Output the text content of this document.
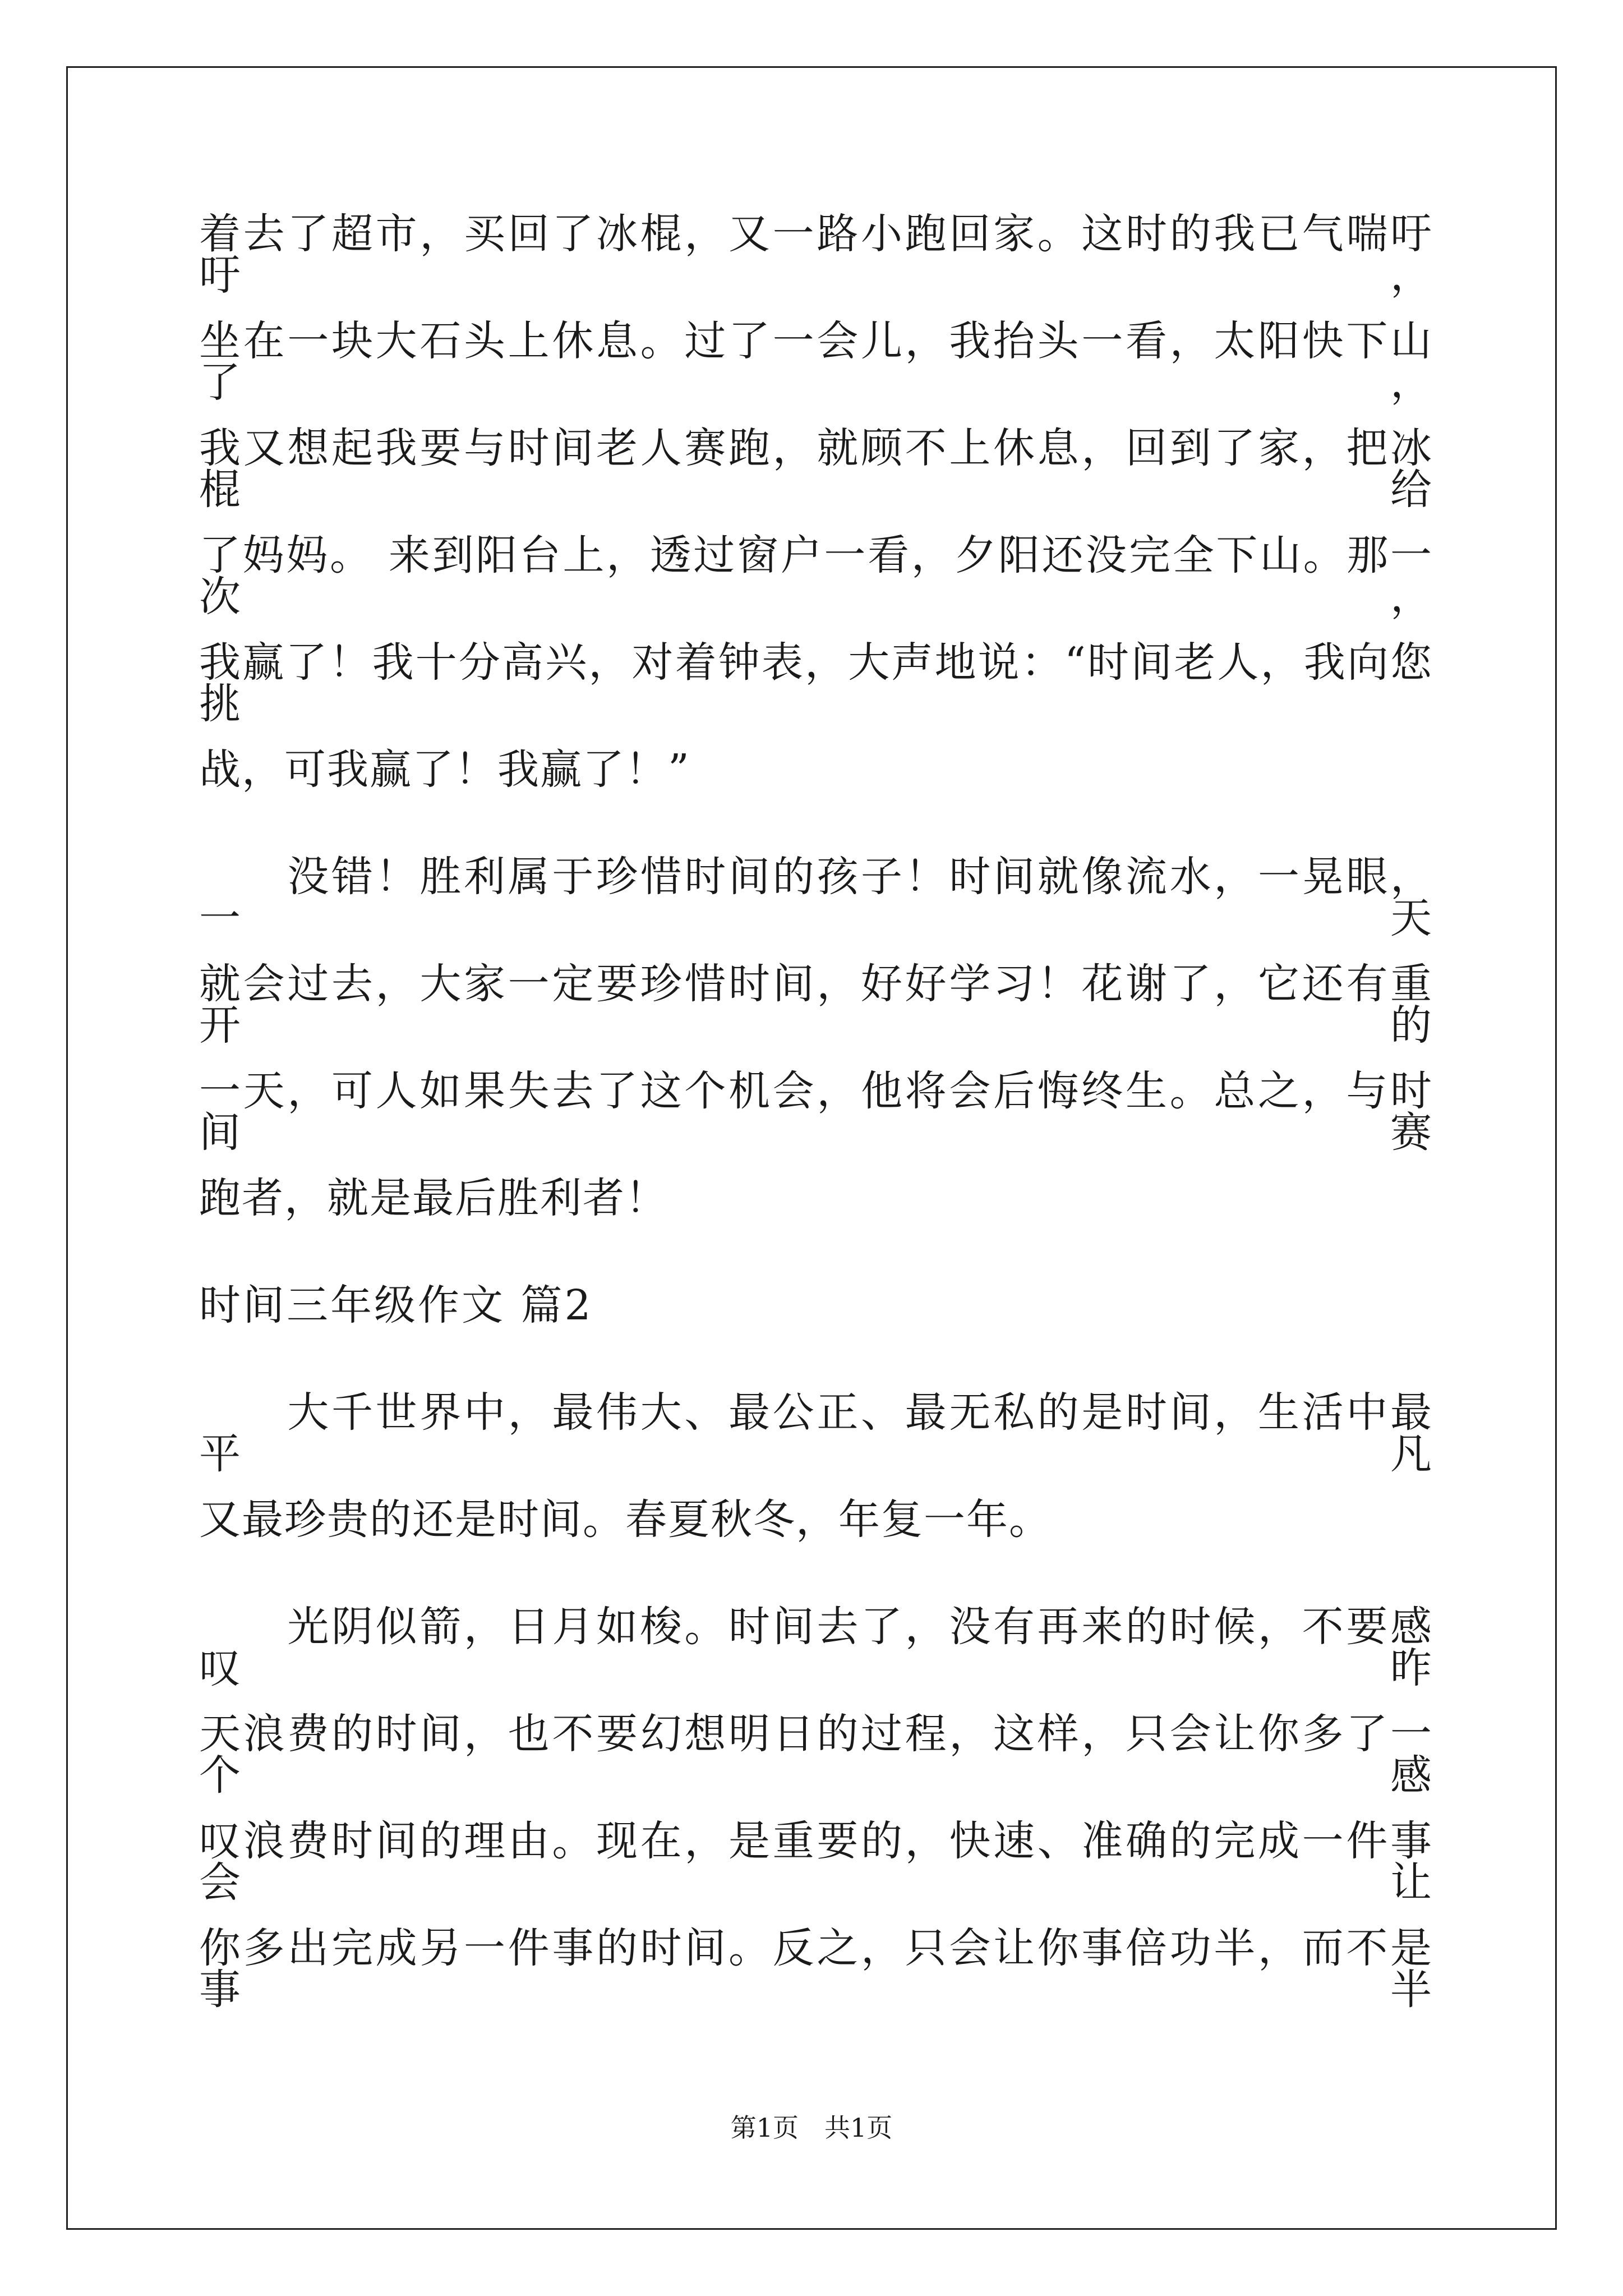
着去了超市，买回了冰棍，又一路小跑回家。这时的我已气喘吁吁，
坐在一块大石头上休息。过了一会儿，我抬头一看，太阳快下山了，
我又想起我要与时间老人赛跑，就顾不上休息，回到了家，把冰棍给
了妈妈。 来到阳台上，透过窗户一看，夕阳还没完全下山。那一次，
我赢了！我十分高兴，对着钟表，大声地说：“时间老人，我向您挑
战，可我赢了！我赢了！”
　　没错！胜利属于珍惜时间的孩子！时间就像流水，一晃眼，一天
就会过去，大家一定要珍惜时间，好好学习！花谢了，它还有重开的
一天，可人如果失去了这个机会，他将会后悔终生。总之，与时间赛
跑者，就是最后胜利者！
时间三年级作文 篇2
　　大千世界中，最伟大、最公正、最无私的是时间，生活中最平凡
又最珍贵的还是时间。春夏秋冬，年复一年。
　　光阴似箭，日月如梭。时间去了，没有再来的时候，不要感叹昨
天浪费的时间，也不要幻想明日的过程，这样，只会让你多了一个感
叹浪费时间的理由。现在，是重要的，快速、准确的完成一件事会让
你多出完成另一件事的时间。反之，只会让你事倍功半，而不是事半
第1页　共1页
